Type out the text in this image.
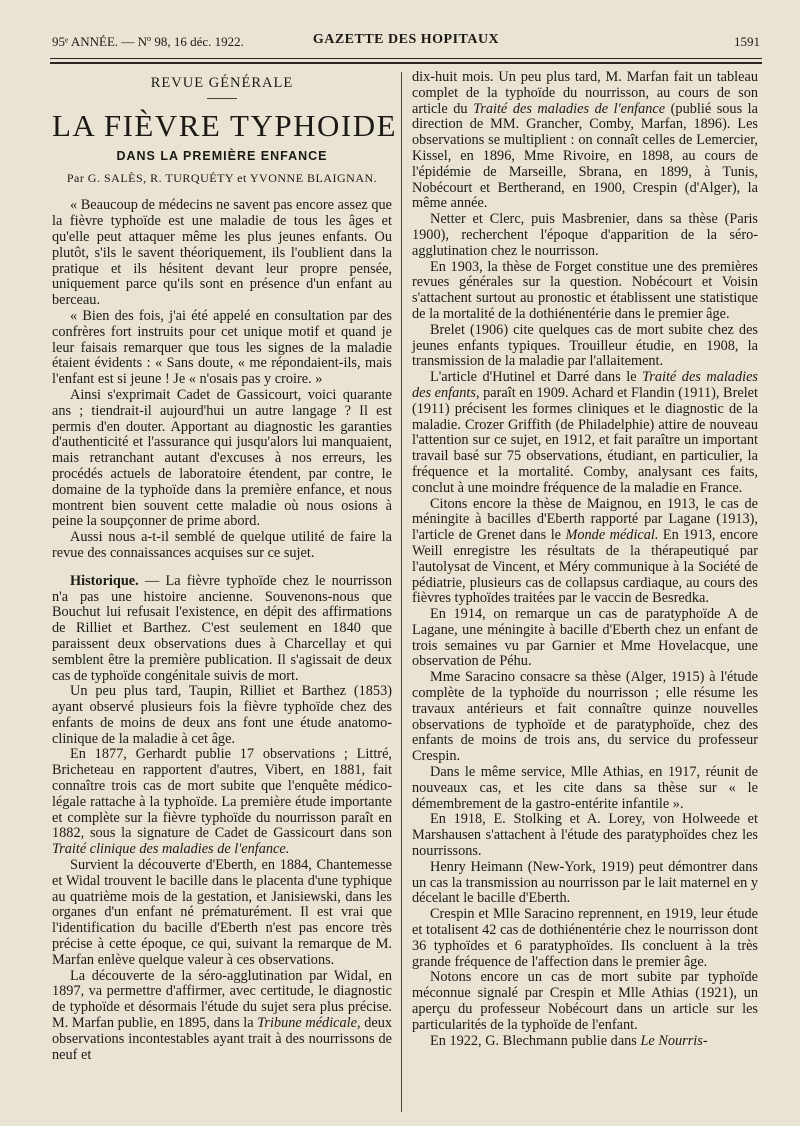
95ᵉ ANNÉE. — Nº 98, 16 déc. 1922.	GAZETTE DES HOPITAUX	1591
REVUE GÉNÉRALE
LA FIÈVRE TYPHOIDE
DANS LA PREMIÈRE ENFANCE
Par G. SALÈS, R. TURQUÉTY et YVONNE BLAIGNAN.

« Beaucoup de médecins ne savent pas encore assez que la fièvre typhoïde est une maladie de tous les âges et qu'elle peut attaquer même les plus jeunes enfants. Ou plutôt, s'ils le savent théoriquement, ils l'oublient dans la pratique et ils hésitent devant leur propre pensée, uniquement parce qu'ils sont en présence d'un enfant au berceau.

« Bien des fois, j'ai été appelé en consultation par des confrères fort instruits pour cet unique motif et quand je leur faisais remarquer que tous les signes de la maladie étaient évidents : « Sans doute, « me répondaient-ils, mais l'enfant est si jeune ! Je « n'osais pas y croire. »

Ainsi s'exprimait Cadet de Gassicourt, voici quarante ans ; tiendrait-il aujourd'hui un autre langage ? Il est permis d'en douter. Apportant au diagnostic les garanties d'authenticité et l'assurance qui jusqu'alors lui manquaient, mais retranchant autant d'excuses à nos erreurs, les procédés actuels de laboratoire étendent, par contre, le domaine de la typhoïde dans la première enfance, et nous montrent bien souvent cette maladie où nous osions à peine la soupçonner de prime abord.

Aussi nous a-t-il semblé de quelque utilité de faire la revue des connaissances acquises sur ce sujet.

Historique. — La fièvre typhoïde chez le nourrisson n'a pas une histoire ancienne. Souvenons-nous que Bouchut lui refusait l'existence, en dépit des affirmations de Rilliet et Barthez. C'est seulement en 1840 que paraissent deux observations dues à Charcellay et qui semblent être la première publication. Il s'agissait de deux cas de typhoïde congénitale suivis de mort.

Un peu plus tard, Taupin, Rilliet et Barthez (1853) ayant observé plusieurs fois la fièvre typhoïde chez des enfants de moins de deux ans font une étude anatomo-clinique de la maladie à cet âge.

En 1877, Gerhardt publie 17 observations ; Littré, Bricheteau en rapportent d'autres, Vibert, en 1881, fait connaître trois cas de mort subite que l'enquête médico-légale rattache à la typhoïde. La première étude importante et complète sur la fièvre typhoïde du nourrisson paraît en 1882, sous la signature de Cadet de Gassicourt dans son Traité clinique des maladies de l'enfance.

Survient la découverte d'Eberth, en 1884, Chantemesse et Widal trouvent le bacille dans le placenta d'une typhique au quatrième mois de la gestation, et Janisiewski, dans les organes d'un enfant né prématurément. Il est vrai que l'identification du bacille d'Eberth n'est pas encore très précise à cette époque, ce qui, suivant la remarque de M. Marfan enlève quelque valeur à ces observations.

La découverte de la séro-agglutination par Widal, en 1897, va permettre d'affirmer, avec certitude, le diagnostic de typhoïde et désormais l'étude du sujet sera plus précise. M. Marfan publie, en 1895, dans la Tribune médicale, deux observations incontestables ayant trait à des nourrissons de neuf et

dix-huit mois. Un peu plus tard, M. Marfan fait un tableau complet de la typhoïde du nourrisson, au cours de son article du Traité des maladies de l'enfance (publié sous la direction de MM. Grancher, Comby, Marfan, 1896). Les observations se multiplient : on connaît celles de Lemercier, Kissel, en 1896, Mme Rivoire, en 1898, au cours de l'épidémie de Marseille, Sbrana, en 1899, à Tunis, Nobécourt et Bertherand, en 1900, Crespin (d'Alger), la même année.

Netter et Clerc, puis Masbrenier, dans sa thèse (Paris 1900), recherchent l'époque d'apparition de la séro-agglutination chez le nourrisson.

En 1903, la thèse de Forget constitue une des premières revues générales sur la question. Nobécourt et Voisin s'attachent surtout au pronostic et établissent une statistique de la mortalité de la dothiénentérie dans le premier âge.

Brelet (1906) cite quelques cas de mort subite chez des jeunes enfants typiques. Trouilleur étudie, en 1908, la transmission de la maladie par l'allaitement.

L'article d'Hutinel et Darré dans le Traité des maladies des enfants, paraît en 1909. Achard et Flandin (1911), Brelet (1911) précisent les formes cliniques et le diagnostic de la maladie. Crozer Griffith (de Philadelphie) attire de nouveau l'attention sur ce sujet, en 1912, et fait paraître un important travail basé sur 75 observations, étudiant, en particulier, la fréquence et la mortalité. Comby, analysant ces faits, conclut à une moindre fréquence de la maladie en France.

Citons encore la thèse de Maignou, en 1913, le cas de méningite à bacilles d'Eberth rapporté par Lagane (1913), l'article de Grenet dans le Monde médical. En 1913, encore Weill enregistre les résultats de la thérapeutiqué par l'autolysat de Vincent, et Méry communique à la Société de pédiatrie, plusieurs cas de collapsus cardiaque, au cours des fièvres typhoïdes traitées par le vaccin de Besredka.

En 1914, on remarque un cas de paratyphoïde A de Lagane, une méningite à bacille d'Eberth chez un enfant de trois semaines vu par Garnier et Mme Hovelacque, une observation de Péhu.

Mme Saracino consacre sa thèse (Alger, 1915) à l'étude complète de la typhoïde du nourrisson ; elle résume les travaux antérieurs et fait connaître quinze nouvelles observations de typhoïde et de paratyphoïde, chez des enfants de moins de trois ans, du service du professeur Crespin.

Dans le même service, Mlle Athias, en 1917, réunit de nouveaux cas, et les cite dans sa thèse sur « le démembrement de la gastro-entérite infantile ».

En 1918, E. Stolking et A. Lorey, von Holweede et Marshausen s'attachent à l'étude des paratyphoïdes chez les nourrissons.

Henry Heimann (New-York, 1919) peut démontrer dans un cas la transmission au nourrisson par le lait maternel en y décelant le bacille d'Eberth.

Crespin et Mlle Saracino reprennent, en 1919, leur étude et totalisent 42 cas de dothiénentérie chez le nourrisson dont 36 typhoïdes et 6 paratyphoïdes. Ils concluent à la très grande fréquence de l'affection dans le premier âge.

Notons encore un cas de mort subite par typhoïde méconnue signalé par Crespin et Mlle Athias (1921), un aperçu du professeur Nobécourt dans un article sur les particularités de la typhoïde de l'enfant.

En 1922, G. Blechmann publie dans Le Nourris-
